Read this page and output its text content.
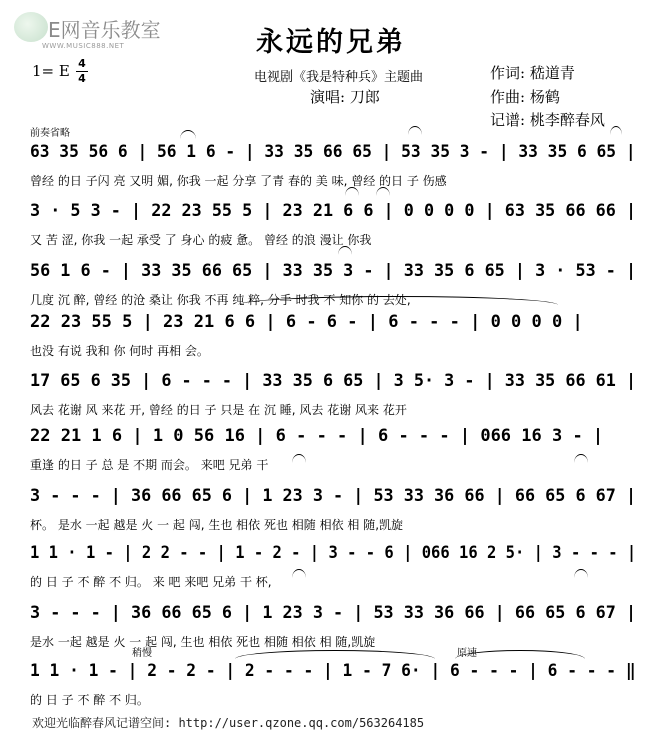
E网音乐教室
WWW.MUSIC888.NET	永远的兄弟
1= E 4
4	电视剧《我是特种兵》主题曲
演唱: 刀郎
作词: 嵇道青
作曲: 杨鹤
记谱: 桃李醉春风
前奏省略
稍慢	原速
63 35 56 6 | 56 1 6 - | 33 35 66 65 | 53 35 3 - | 33 35 6 65 |
曾经 的日 子闪 亮 又明 媚, 你我 一起 分享 了青 春的 美 味, 曾经 的日 子 伤感
3 · 5 3 - | 22 23 55 5 | 23 21 6 6 | 0 0 0 0 | 63 35 66 66 |
又 苦 涩, 你我 一起 承受 了 身心 的疲 惫。 曾经 的浪 漫让 你我
56 1 6 - | 33 35 66 65 | 33 35 3 - | 33 35 6 65 | 3 · 53 - |
几度 沉 醉, 曾经 的沧 桑让 你我 不再 纯 粹, 分手 时我 不 知你 的 去处,
22 23 55 5 | 23 21 6 6 | 6 - 6 - | 6 - - - | 0 0 0 0 |
也没 有说 我和 你 何时 再相 会。
17 65 6 35 | 6 - - - | 33 35 6 65 | 3 5· 3 - | 33 35 66 61 |
风去 花谢 风 来花 开, 曾经 的日 子 只是 在 沉 睡, 风去 花谢 风来 花开
22 21 1 6 | 1 0 56 16 | 6 - - - | 6 - - - | 066 16 3 - |
重逢 的日 子 总 是 不期 而会。 来吧 兄弟 干
3 - - - | 36 66 65 6 | 1 23 3 - | 53 33 36 66 | 66 65 6 67 |
杯。 是水 一起 越是 火 一 起 闯, 生也 相依 死也 相随 相依 相 随,凯旋
1 1 · 1 - | 2 2 - - | 1 - 2 - | 3 - - 6 | 066 16 2 5· | 3 - - - |
的 日 子 不 醉 不 归。 来 吧 来吧 兄弟 干 杯,
3 - - - | 36 66 65 6 | 1 23 3 - | 53 33 36 66 | 66 65 6 67 |
是水 一起 越是 火 一 起 闯, 生也 相依 死也 相随 相依 相 随,凯旋
1 1 · 1 - | 2 - 2 - | 2 - - - | 1 - 7 6· | 6 - - - | 6 - - - ‖
的 日 子 不 醉 不 归。
欢迎光临醉春风记谱空间: http://user.qzone.qq.com/563264185
